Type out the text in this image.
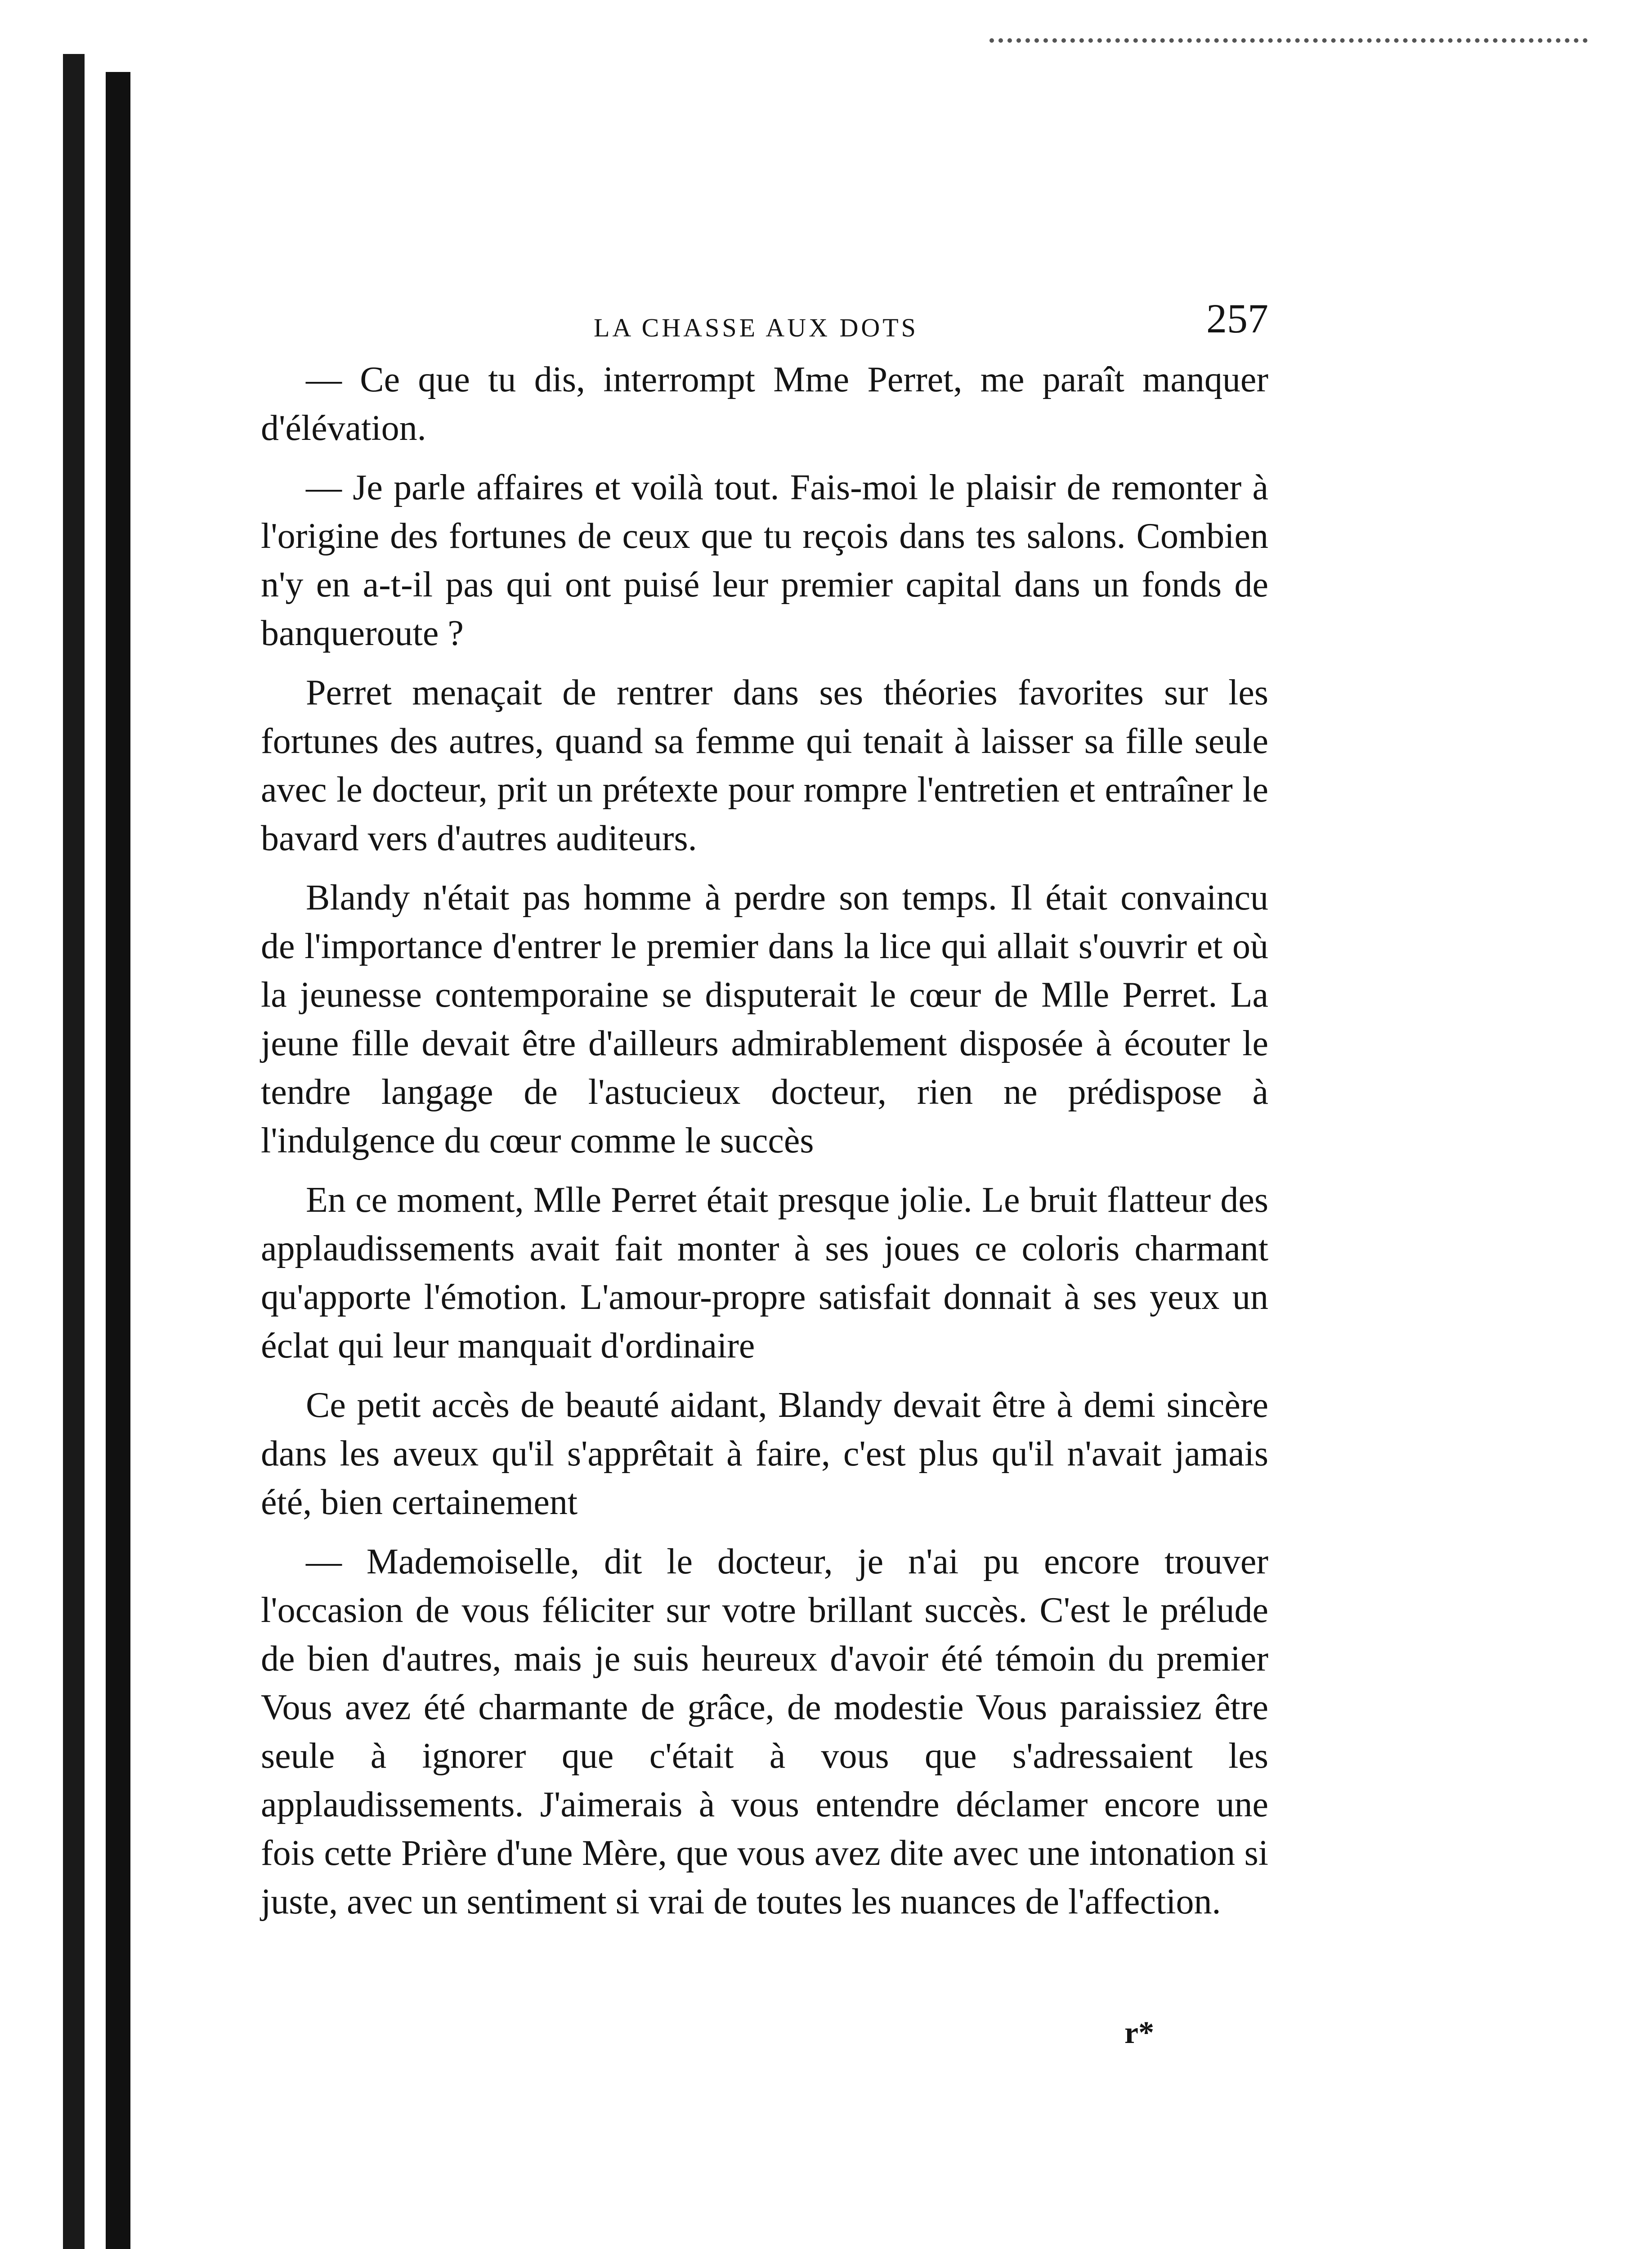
LA CHASSE AUX DOTS	257

— Ce que tu dis, interrompt Mme Perret, me paraît manquer d'élévation.

— Je parle affaires et voilà tout. Fais-moi le plaisir de remonter à l'origine des fortunes de ceux que tu reçois dans tes salons. Combien n'y en a-t-il pas qui ont puisé leur premier capital dans un fonds de banqueroute ?

Perret menaçait de rentrer dans ses théories favorites sur les fortunes des autres, quand sa femme qui tenait à laisser sa fille seule avec le docteur, prit un prétexte pour rompre l'entretien et entraîner le bavard vers d'autres auditeurs.

Blandy n'était pas homme à perdre son temps. Il était convaincu de l'importance d'entrer le premier dans la lice qui allait s'ouvrir et où la jeunesse contemporaine se disputerait le cœur de Mlle Perret. La jeune fille devait être d'ailleurs admirablement disposée à écouter le tendre langage de l'astucieux docteur, rien ne prédispose à l'indulgence du cœur comme le succès

En ce moment, Mlle Perret était presque jolie. Le bruit flatteur des applaudissements avait fait monter à ses joues ce coloris charmant qu'apporte l'émotion. L'amour-propre satisfait donnait à ses yeux un éclat qui leur manquait d'ordinaire

Ce petit accès de beauté aidant, Blandy devait être à demi sincère dans les aveux qu'il s'apprêtait à faire, c'est plus qu'il n'avait jamais été, bien certainement

— Mademoiselle, dit le docteur, je n'ai pu encore trouver l'occasion de vous féliciter sur votre brillant succès. C'est le prélude de bien d'autres, mais je suis heureux d'avoir été témoin du premier Vous avez été charmante de grâce, de modestie Vous paraissiez être seule à ignorer que c'était à vous que s'adressaient les applaudissements. J'aimerais à vous entendre déclamer encore une fois cette Prière d'une Mère, que vous avez dite avec une intonation si juste, avec un sentiment si vrai de toutes les nuances de l'affection.

r*
